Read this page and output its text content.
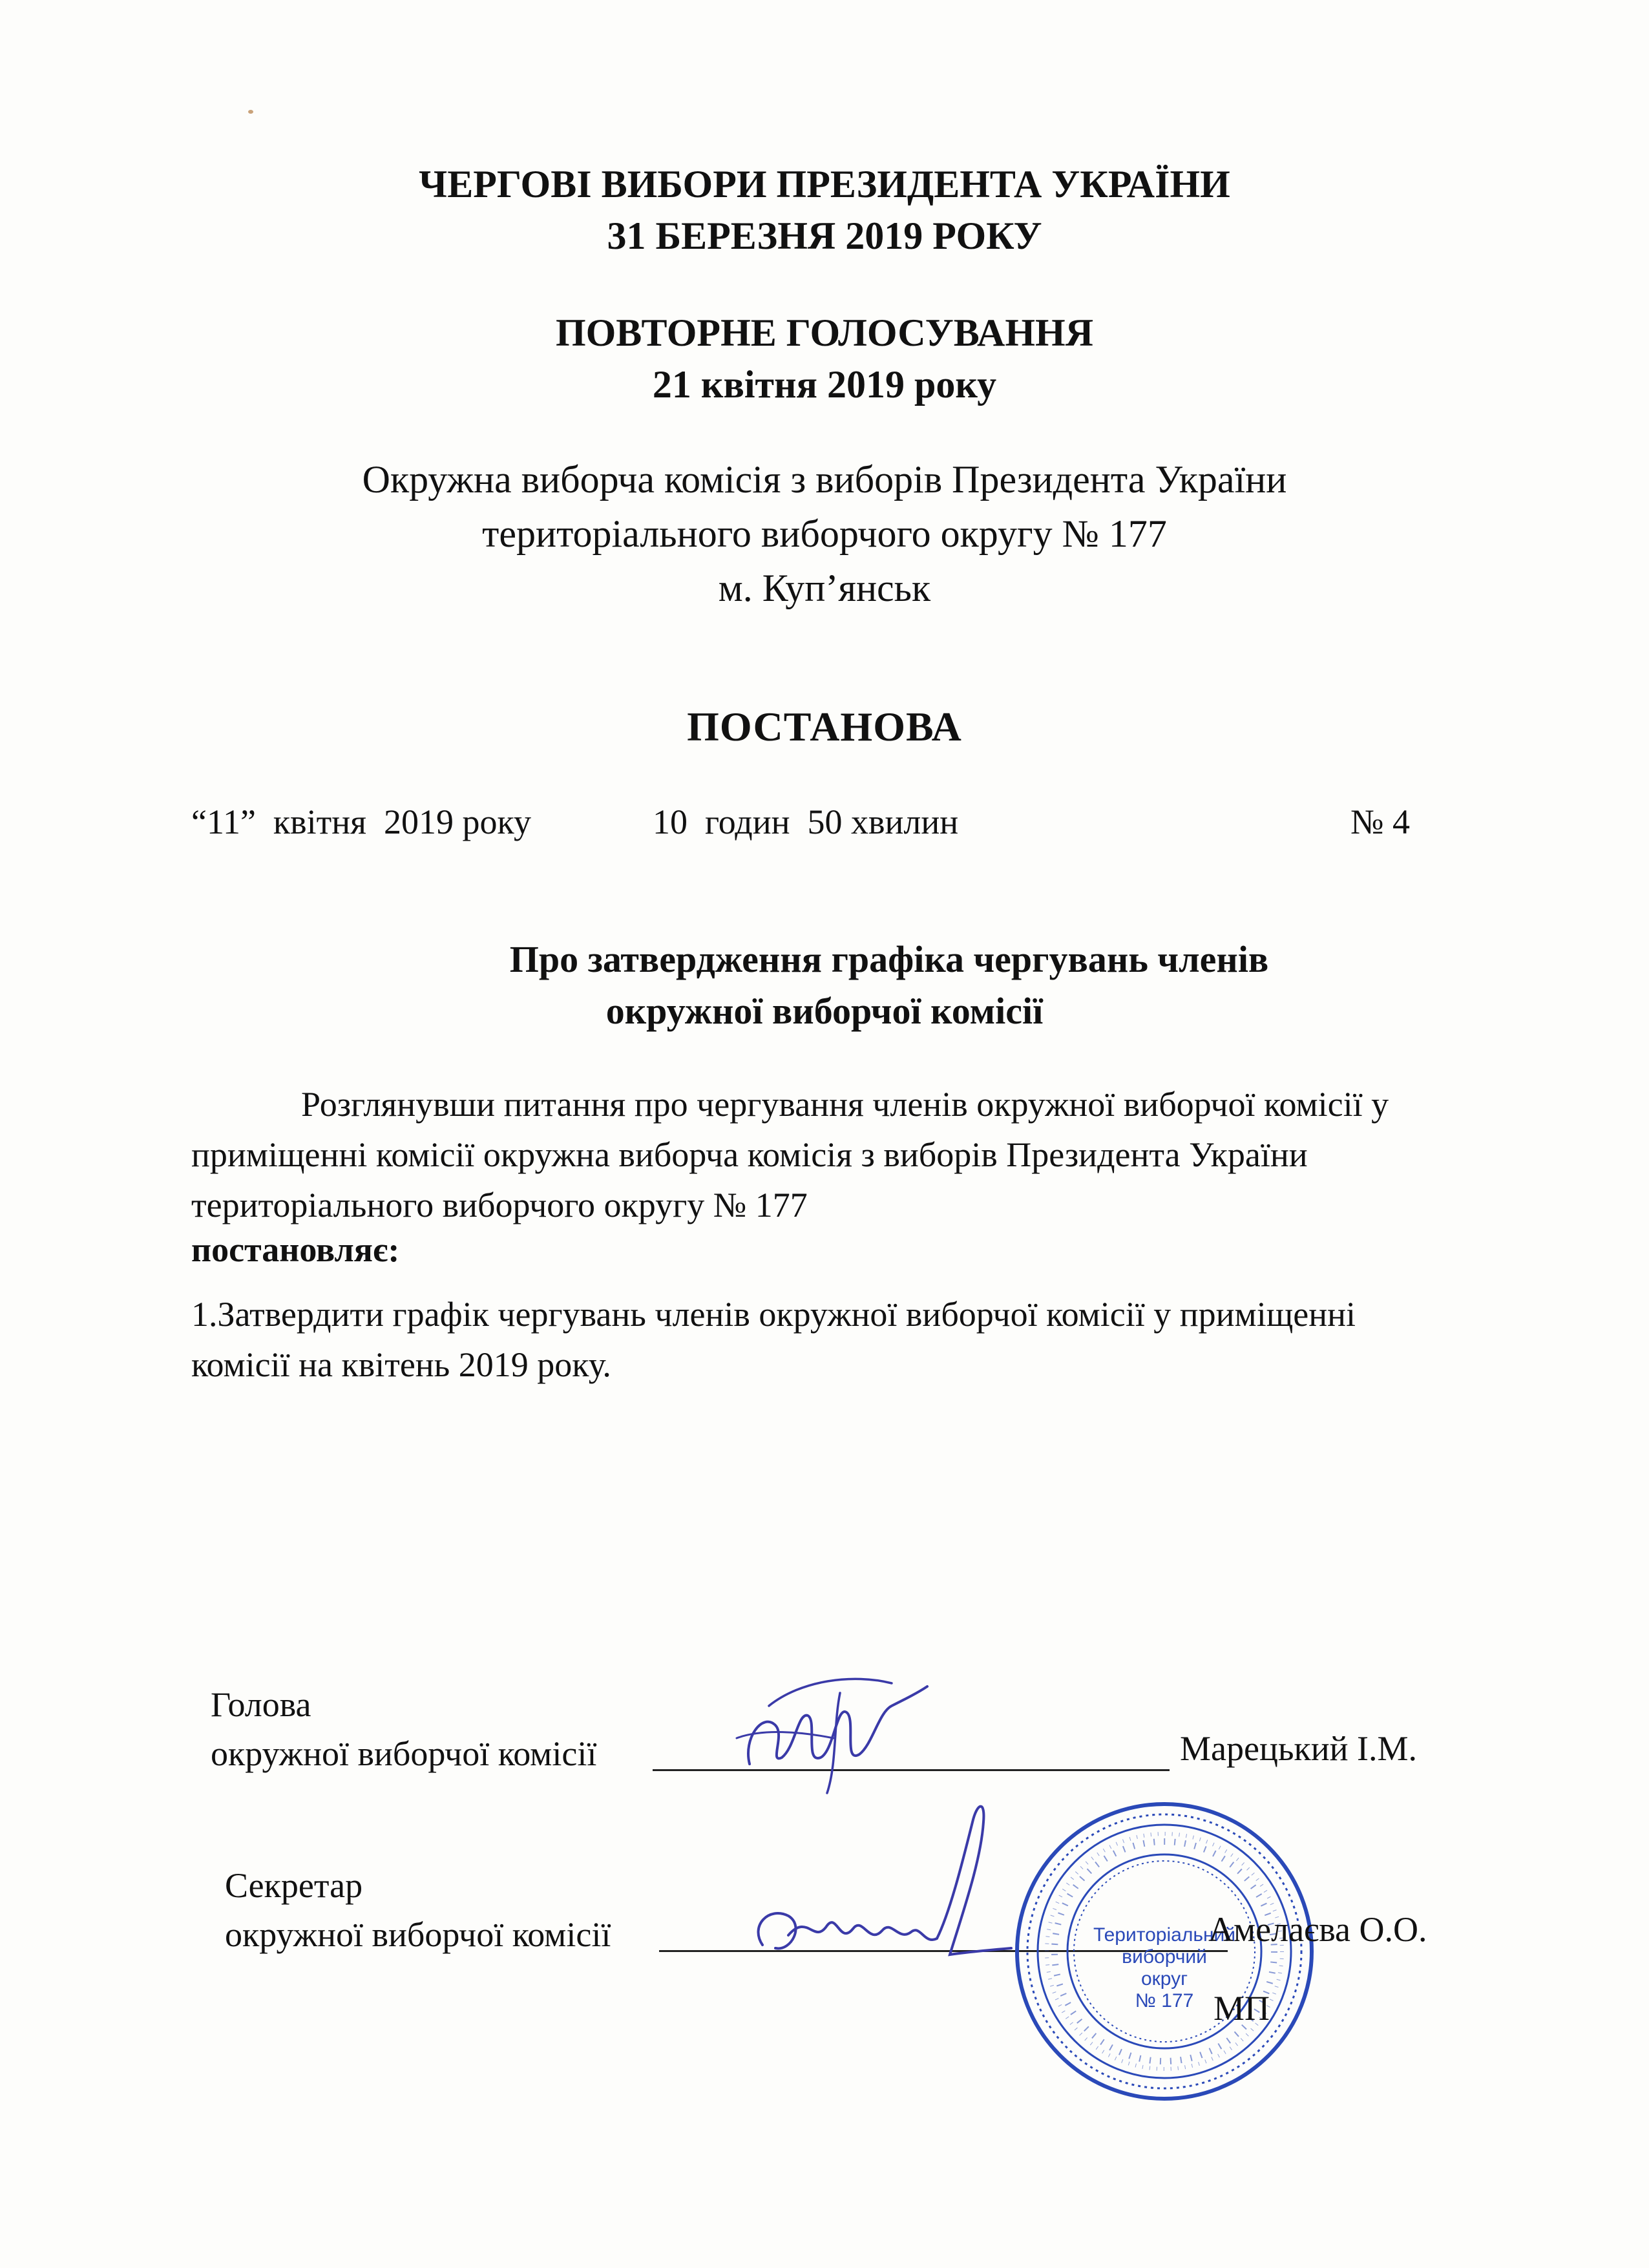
ЧЕРГОВІ ВИБОРИ ПРЕЗИДЕНТА УКРАЇНИ
31 БЕРЕЗНЯ 2019 РОКУ
ПОВТОРНЕ ГОЛОСУВАННЯ
21 квітня 2019 року
Окружна виборча комісія з виборів Президента України
територіального виборчого округу № 177
м. Куп’янськ
ПОСТАНОВА
“11”  квітня  2019 року	10  годин  50 хвилин	№ 4
Про затвердження графіка чергувань членів
окружної виборчої комісії
Розглянувши питання про чергування членів окружної виборчої комісії у
приміщенні комісії окружна виборча комісія з виборів Президента України
територіального виборчого округу № 177
постановляє:
1.Затвердити графік чергувань членів окружної виборчої комісії у приміщенні
комісії на квітень 2019 року.
Голова
окружної виборчої комісії	Марецький І.М.
Секретар
окружної виборчої комісії	Територіальний
виборчий
округ
№ 177
Амелаєва О.О.
МП
